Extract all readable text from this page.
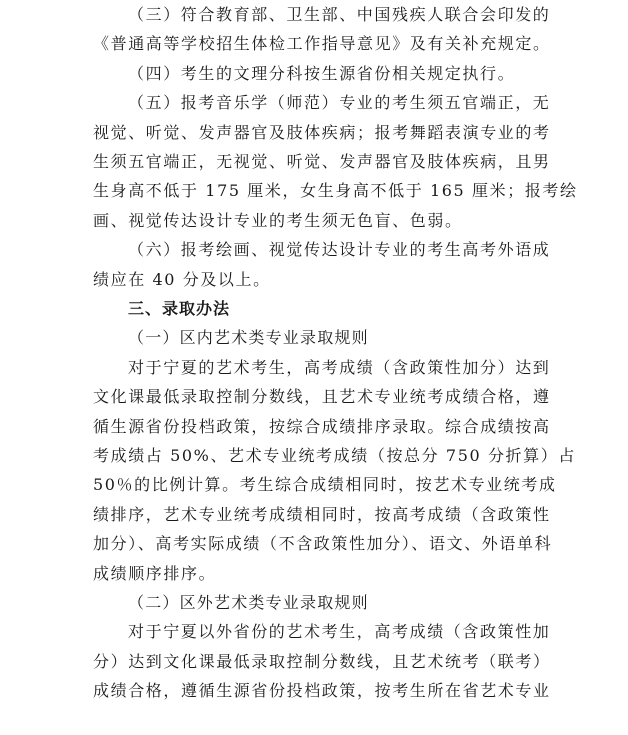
（三）符合教育部、卫生部、中国残疾人联合会印发的
《普通高等学校招生体检工作指导意见》及有关补充规定。
（四）考生的文理分科按生源省份相关规定执行。
（五）报考音乐学（师范）专业的考生须五官端正，无
视觉、听觉、发声器官及肢体疾病；报考舞蹈表演专业的考
生须五官端正，无视觉、听觉、发声器官及肢体疾病，且男
生身高不低于 175 厘米，女生身高不低于 165 厘米；报考绘
画、视觉传达设计专业的考生须无色盲、色弱。
（六）报考绘画、视觉传达设计专业的考生高考外语成
绩应在 40 分及以上。
三、录取办法
（一）区内艺术类专业录取规则
对于宁夏的艺术考生，高考成绩（含政策性加分）达到
文化课最低录取控制分数线，且艺术专业统考成绩合格，遵
循生源省份投档政策，按综合成绩排序录取。综合成绩按高
考成绩占 50%、艺术专业统考成绩（按总分 750 分折算）占
50％的比例计算。考生综合成绩相同时，按艺术专业统考成
绩排序，艺术专业统考成绩相同时，按高考成绩（含政策性
加分）、高考实际成绩（不含政策性加分）、语文、外语单科
成绩顺序排序。
（二）区外艺术类专业录取规则
对于宁夏以外省份的艺术考生，高考成绩（含政策性加
分）达到文化课最低录取控制分数线，且艺术统考（联考）
成绩合格，遵循生源省份投档政策，按考生所在省艺术专业
